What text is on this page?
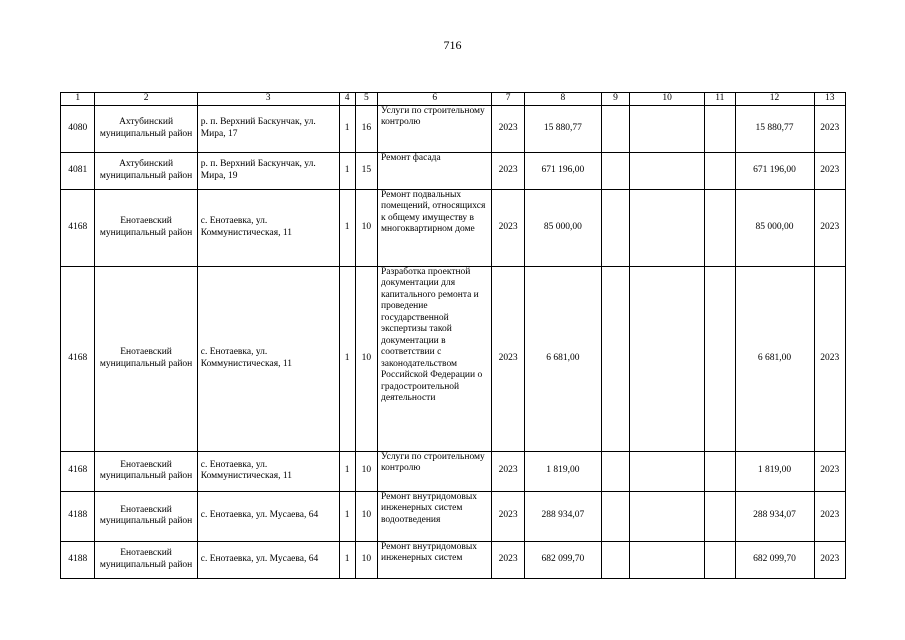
716
1	2	3	4	5	6	7	8	9	10	11	12	13
4080	Ахтубинский муниципальный район	р. п. Верхний Баскунчак, ул. Мира, 17	1	16	Услуги по строительному контролю	2023	15 880,77				15 880,77	2023
4081	Ахтубинский муниципальный район	р. п. Верхний Баскунчак, ул. Мира, 19	1	15	Ремонт фасада	2023	671 196,00				671 196,00	2023
4168	Енотаевский муниципальный район	с. Енотаевка, ул. Коммунистическая, 11	1	10	Ремонт подвальных помещений, относящихся к общему имуществу в многоквартирном доме	2023	85 000,00				85 000,00	2023
4168	Енотаевский муниципальный район	с. Енотаевка, ул. Коммунистическая, 11	1	10	Разработка проектной документации для капитального ремонта и проведение государственной экспертизы такой документации в соответствии с законодательством Российской Федерации о градостроительной деятельности	2023	6 681,00				6 681,00	2023
4168	Енотаевский муниципальный район	с. Енотаевка, ул. Коммунистическая, 11	1	10	Услуги по строительному контролю	2023	1 819,00				1 819,00	2023
4188	Енотаевский муниципальный район	с. Енотаевка, ул. Мусаева, 64	1	10	Ремонт внутридомовых инженерных систем водоотведения	2023	288 934,07				288 934,07	2023
4188	Енотаевский муниципальный район	с. Енотаевка, ул. Мусаева, 64	1	10	Ремонт внутридомовых инженерных систем	2023	682 099,70				682 099,70	2023
